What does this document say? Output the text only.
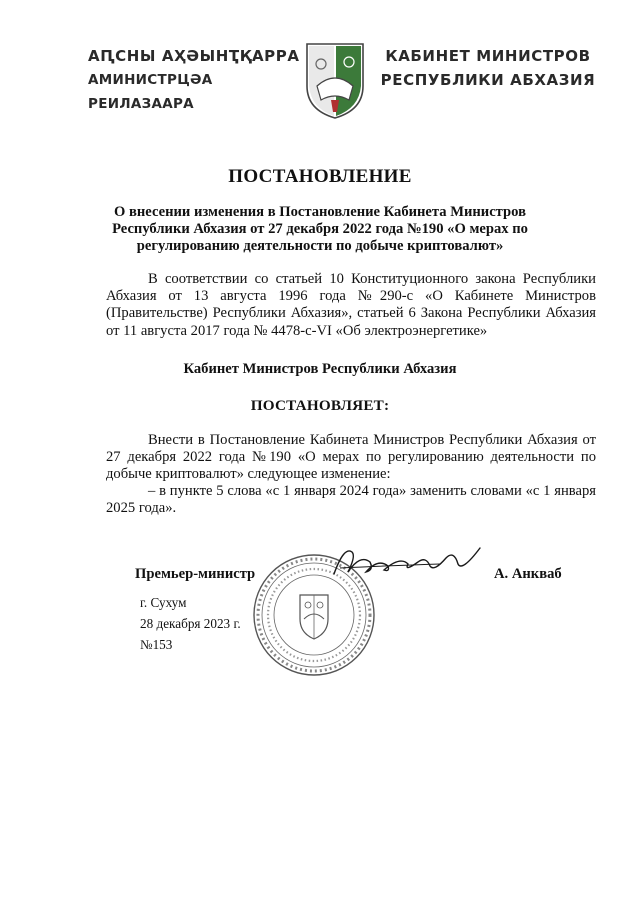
АԤСНЫ АҲӘЫНҬҚАРРА
АМИНИСТРЦӘА РЕИЛАЗААРА
КАБИНЕТ МИНИСТРОВ
РЕСПУБЛИКИ АБХАЗИЯ
ПОСТАНОВЛЕНИЕ
О внесении изменения в Постановление Кабинета Министров Республики Абхазия от 27 декабря 2022 года №190 «О мерах по регулированию деятельности по добыче криптовалют»

В соответствии со статьей 10 Конституционного закона Республики Абхазия от 13 августа 1996 года №290-с «О Кабинете Министров (Правительстве) Республики Абхазия», статьей 6 Закона Республики Абхазия от 11 августа 2017 года № 4478-с-VI «Об электроэнергетике»

Кабинет Министров Республики Абхазия
ПОСТАНОВЛЯЕТ:

Внести в Постановление Кабинета Министров Республики Абхазия от 27 декабря 2022 года №190 «О мерах по регулированию деятельности по добыче криптовалют» следующее изменение:

– в пункте 5 слова «с 1 января 2024 года» заменить словами «с 1 января 2025 года».

Премьер-министр	А. Анкваб
г. Сухум
28 декабря 2023 г.
№153
